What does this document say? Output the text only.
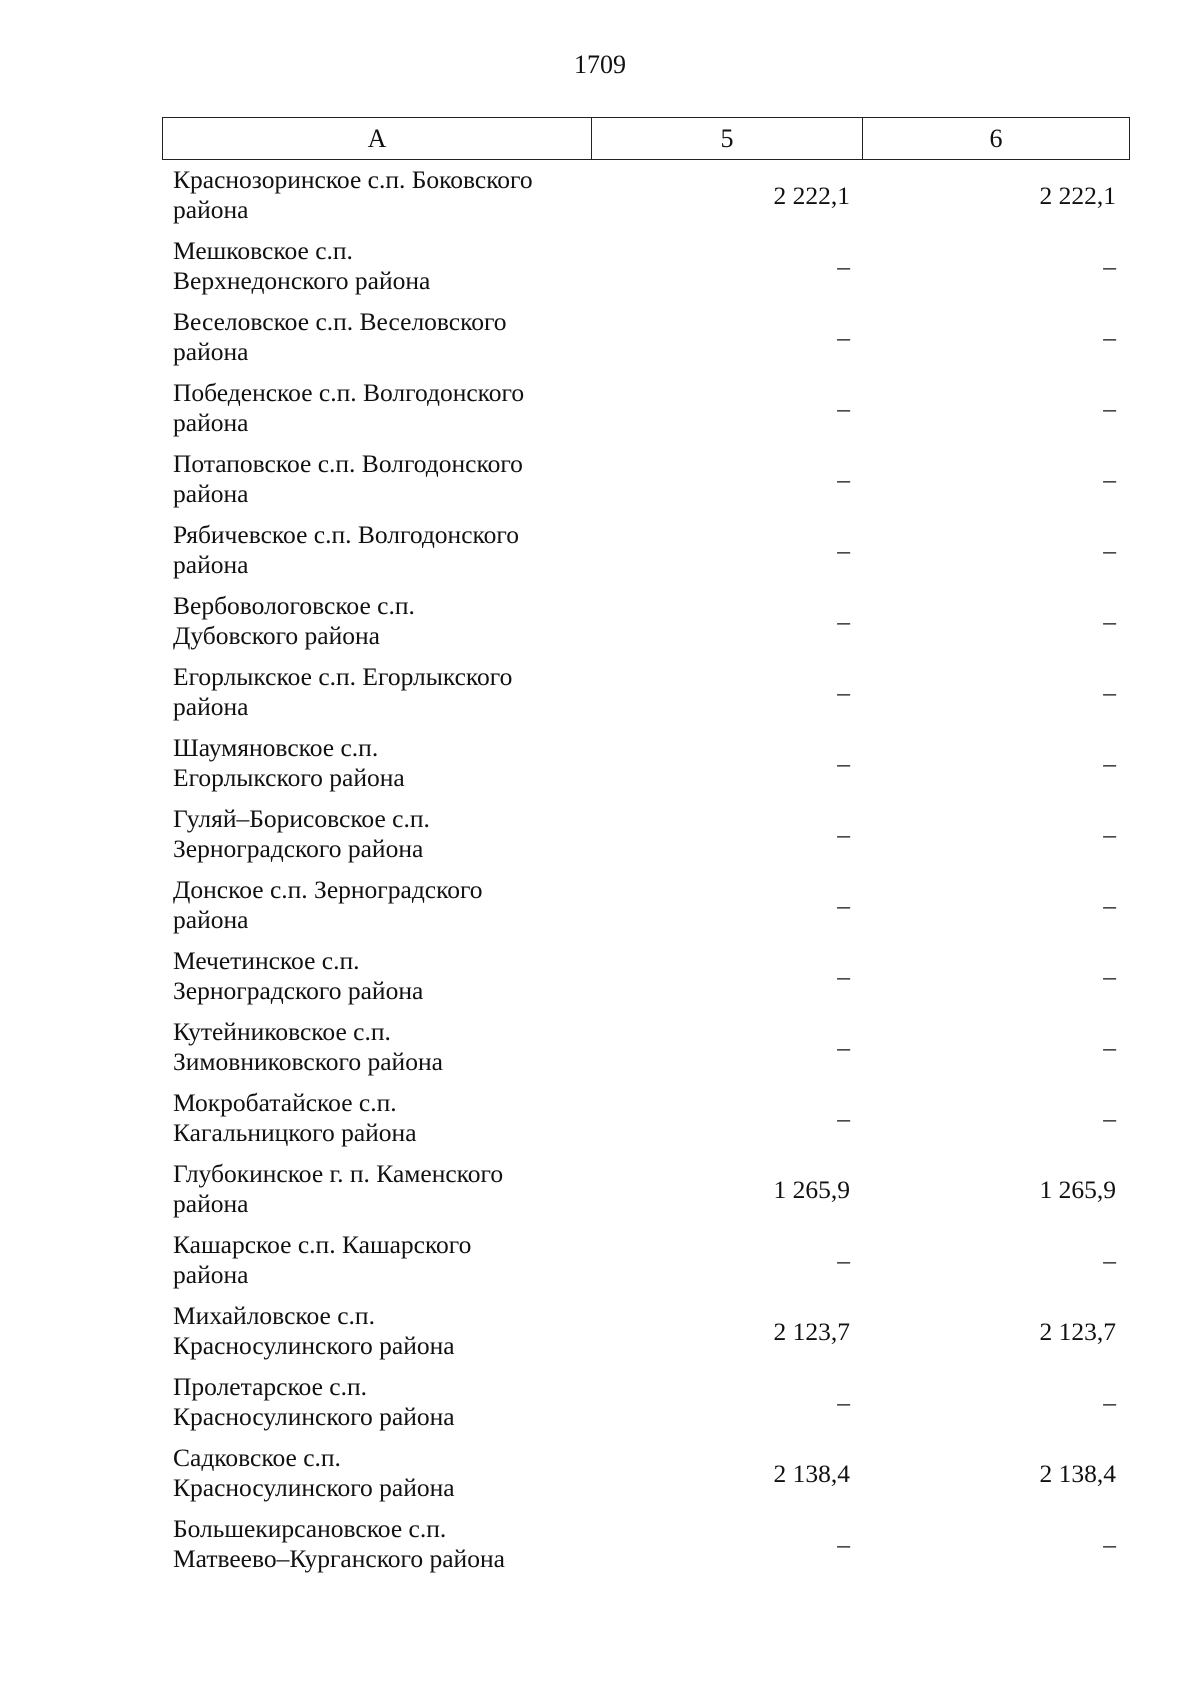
1709
А	5	6
Краснозоринское с.п. Боковского
района	2 222,1	2 222,1
Мешковское с.п.
Верхнедонского района	–	–
Веселовское с.п. Веселовского
района	–	–
Победенское с.п. Волгодонского
района	–	–
Потаповское с.п. Волгодонского
района	–	–
Рябичевское с.п. Волгодонского
района	–	–
Вербовологовское с.п.
Дубовского района	–	–
Егорлыкское с.п. Егорлыкского
района	–	–
Шаумяновское с.п.
Егорлыкского района	–	–
Гуляй–Борисовское с.п.
Зерноградского района	–	–
Донское с.п. Зерноградского
района	–	–
Мечетинское с.п.
Зерноградского района	–	–
Кутейниковское с.п.
Зимовниковского района	–	–
Мокробатайское с.п.
Кагальницкого района	–	–
Глубокинское г. п. Каменского
района	1 265,9	1 265,9
Кашарское с.п. Кашарского
района	–	–
Михайловское с.п.
Красносулинского района	2 123,7	2 123,7
Пролетарское с.п.
Красносулинского района	–	–
Садковское с.п.
Красносулинского района	2 138,4	2 138,4
Большекирсановское с.п.
Матвеево–Курганского района	–	–
